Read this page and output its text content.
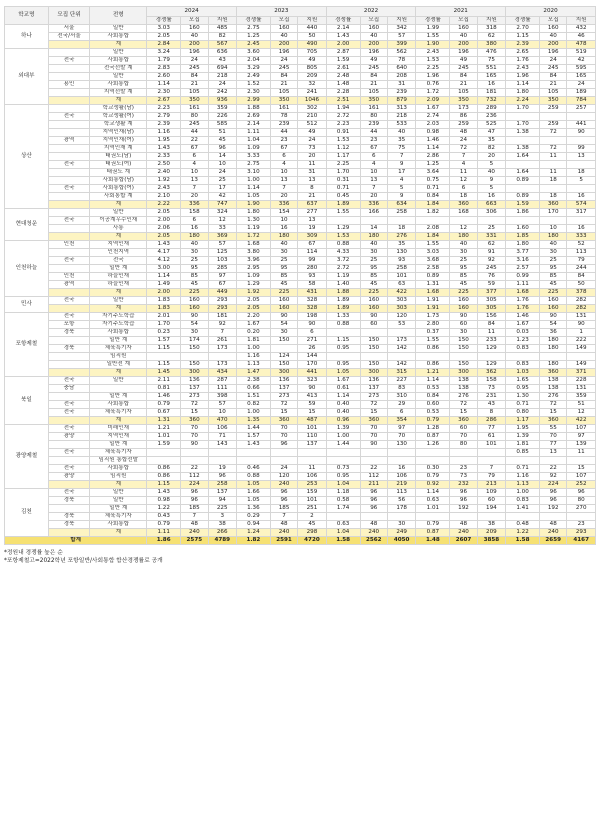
학교명	모집 단위	전형	2024			2023			2022			2021			2020		
			경쟁률	모집	지원	경쟁률	모집	지원	경쟁률	모집	지원	경쟁률	모집	지원	경쟁률	모집	지원
하나	서울	일반	3.03	160	485	2.75	160	440	2.14	160	342	1.99	160	318	2.70	160	432
	전국/서울	사회통합	2.05	40	82	1.25	40	50	1.43	40	57	1.55	40	62	1.15	40	46
		계	2.84	200	567	2.45	200	490	2.00	200	399	1.90	200	380	2.39	200	478
외대부		일반	3.24	196	636	3.60	196	705	2.87	196	562	2.43	196	476	2.65	196	519
	전국	사회통합	1.79	24	43	2.04	24	49	1.59	49	78	1.53	49	75	1.76	24	42
		전국선발 계	2.83	245	694	3.29	245	805	2.61	245	640	2.25	245	551	2.43	245	595
		일반	2.60	84	218	2.49	84	209	2.48	84	208	1.96	84	165	1.96	84	165
	용인	사회통합	1.14	21	24	1.52	21	32	1.48	21	31	0.76	21	16	1.14	21	24
		지역선발 계	2.30	105	242	2.30	105	241	2.28	105	239	1.72	105	181	1.80	105	189
		계	2.67	350	936	2.99	350	1046	2.51	350	879	2.09	350	732	2.24	350	784
상산		학교생활(남)	2.23	161	359	1.88	161	302	1.94	161	313	1.67	173	289	1.70	259	257
	전국	학교생활(여)	2.79	80	226	2.69	78	210	2.72	80	218	2.74	86	236			
		학교생활 계	2.39	245	585	2.14	239	512	2.23	239	533	2.03	259	525	1.70	259	441
		지역인재(남)	1.16	44	51	1.11	44	49	0.91	44	40	0.98	48	47	1.38	72	90
	광역	지역인재(여)	1.95	22	45	1.04	23	24	1.53	23	35	1.46	24	35			
		지역인재 계	1.43	67	96	1.09	67	73	1.12	67	75	1.14	72	82	1.38	72	99
		태권도(남)	2.33	6	14	3.33	6	20	1.17	6	7	2.86	7	20	1.64	11	13
	전국	태권도(여)	2.50	4	10	2.75	4	11	2.25	4	9	1.25	4	5			
		태권도 계	2.40	10	24	3.10	10	31	1.70	10	17	3.64	11	40	1.64	11	18
		사회통합(남)	1.92	13	25	1.00	13	13	0.31	13	4	0.75	12	9	0.89	18	5
	전국	사회통합(여)	2.43	7	17	1.14	7	8	0.71	7	5	0.71	6	5			
		사회통합 계	2.10	20	42	1.05	20	21	0.45	20	9	0.84	18	16	0.89	18	16
		계	2.22	336	747	1.90	336	637	1.89	336	634	1.84	360	663	1.59	360	574
현대청운		일반	2.05	158	324	1.80	154	277	1.55	166	258	1.82	168	306	1.86	170	317
	전국	이공계우수인재	2.00	6	12	1.30	10	13									
		사통	2.06	16	33	1.19	16	19	1.29	14	18	2.08	12	25	1.60	10	16
		계	2.05	180	369	1.72	180	309	1.53	180	276	1.84	180	331	1.85	180	333
인천하늘	인천	지역인재	1.43	40	57	1.68	40	67	0.88	40	35	1.55	40	62	1.80	40	52
		인천지역	4.17	30	125	3.80	30	114	4.33	30	130	3.03	30	91	3.77	30	113
	전국	전국	4.12	25	103	3.96	25	99	3.72	25	93	3.68	25	92	3.16	25	79
		일반 계	3.00	95	285	2.95	95	280	2.72	95	258	2.58	95	245	2.57	95	244
	인천	하늘인재	1.14	85	97	1.09	85	93	1.19	85	101	0.89	85	76	0.99	85	84
	광역	하늘인재	1.49	45	67	1.29	45	58	1.40	45	63	1.31	45	59	1.11	45	50
		계	2.00	225	449	1.92	225	431	1.88	225	422	1.68	225	377	1.68	225	378
민사	전국	일반	1.83	160	293	2.05	160	328	1.89	160	303	1.91	160	305	1.76	160	282
		계	1.83	160	293	2.05	160	328	1.89	160	303	1.91	160	305	1.76	160	282
포항제철	전국	자기주도학습	2.01	90	181	2.20	90	198	1.33	90	120	1.73	90	156	1.46	90	131
	포항	자기주도학습	1.70	54	92	1.67	54	90	0.88	60	53	2.80	60	84	1.67	54	90
	경북	사회통합	0.23	30	7	0.20	30	6				0.37	30	11	0.03	36	1
		일반 계	1.57	174	261	1.81	150	271	1.15	150	173	1.55	150	233	1.23	180	222
	경북	체육특기자	1.15	150	173	1.00		26	0.95	150	142	0.86	150	129	0.83	180	149
		임직원				1.16	124	144									
		일반전 계	1.15	150	173	1.13	150	170	0.95	150	142	0.86	150	129	0.83	180	149
		계	1.45	300	434	1.47	300	441	1.05	300	315	1.21	300	362	1.03	360	371
북일	전국	일반	2.11	136	287	2.38	136	323	1.67	136	227	1.14	138	158	1.65	138	228
	충남		0.81	137	111	0.66	137	90	0.61	137	83	0.53	138	73	0.95	138	131
		일반 계	1.46	273	398	1.51	273	413	1.14	273	310	0.84	276	231	1.30	276	359
	전국	사회통합	0.79	72	57	0.82	72	59	0.40	72	29	0.60	72	43	0.71	72	51
	전국	체육특기자	0.67	15	10	1.00	15	15	0.40	15	6	0.53	15	8	0.80	15	12
		계	1.31	360	470	1.35	360	487	0.96	360	354	0.79	360	286	1.17	360	422
광양제철	전국	미래인재	1.21	70	106	1.44	70	101	1.39	70	97	1.28	60	77	1.95	55	107
	광양	지역인재	1.01	70	71	1.57	70	110	1.00	70	70	0.87	70	61	1.39	70	97
		일반 계	1.59	90	143	1.43	96	137	1.44	90	130	1.26	80	101	1.81	77	139
	전국	체육특기자													0.85	13	11
		임직원 통합선발															
	전국	사회통합	0.86	22	19	0.46	24	11	0.73	22	16	0.30	23	7	0.71	22	15
	광양	임직원	0.86	112	96	0.88	120	106	0.95	112	106	0.79	73	79	1.16	92	107
		계	1.15	224	258	1.05	240	253	1.04	211	219	0.92	232	213	1.13	224	252
김천	전국	일반	1.43	96	137	1.66	96	159	1.18	96	113	1.14	96	109	1.00	96	96
	경북	일반	0.98	96	94	1.05	96	101	0.58	96	56	0.63	96	60	0.83	96	80
		일반 계	1.22	185	225	1.36	185	251	1.74	96	178	1.01	192	194	1.41	192	270
	경북	체육특기자	0.43	7	3	0.29	7	2									
	경북	사회통합	0.79	48	38	0.94	48	45	0.63	48	30	0.79	48	38	0.48	48	23
		계	1.11	240	266	1.24	240	298	1.04	240	249	0.87	240	209	1.22	240	293
합계			1.86	2575	4789	1.82	2591	4720	1.58	2562	4050	1.48	2607	3858	1.58	2659	4167
*정원내 경쟁률 높은 순
*포항제철고=2022학년 포항일반/사회통합 합산경쟁률로 공개
